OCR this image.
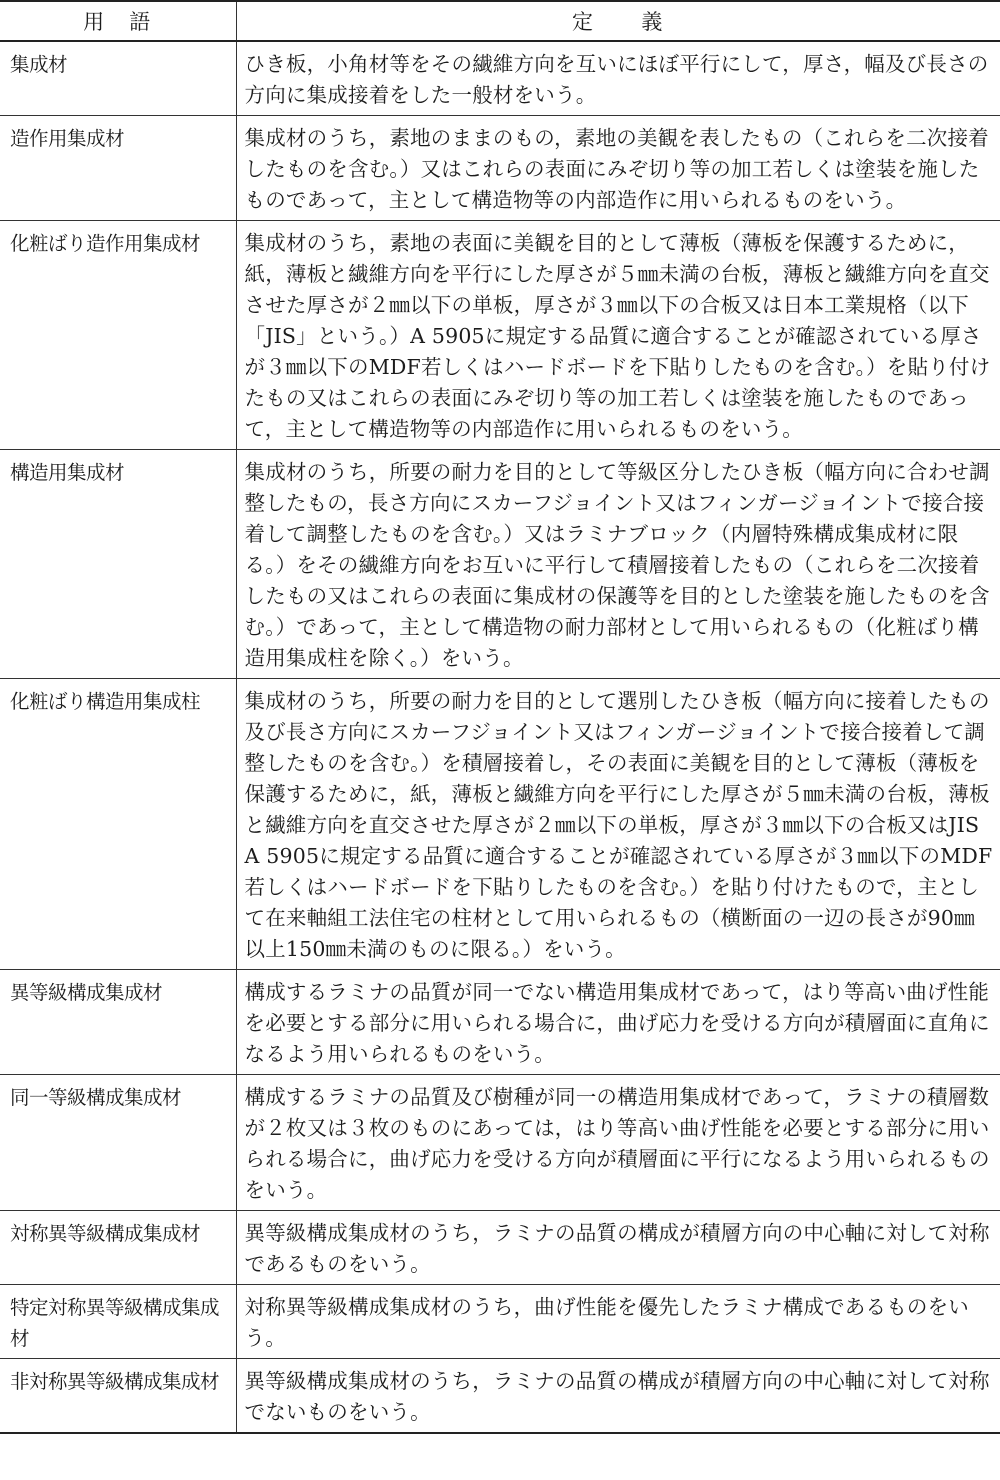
用　語	定　　義
集成材	ひき板，小角材等をその繊維方向を互いにほぼ平行にして，厚さ，幅及び長さの方向に集成接着をした一般材をいう。
造作用集成材	集成材のうち，素地のままのもの，素地の美観を表したもの（これらを二次接着したものを含む。）又はこれらの表面にみぞ切り等の加工若しくは塗装を施したものであって，主として構造物等の内部造作に用いられるものをいう。
化粧ばり造作用集成材	集成材のうち，素地の表面に美観を目的として薄板（薄板を保護するために，紙，薄板と繊維方向を平行にした厚さが５㎜未満の台板，薄板と繊維方向を直交させた厚さが２㎜以下の単板，厚さが３㎜以下の合板又は日本工業規格（以下「JIS」という。）A 5905に規定する品質に適合することが確認されている厚さが３㎜以下のMDF若しくはハードボードを下貼りしたものを含む。）を貼り付けたもの又はこれらの表面にみぞ切り等の加工若しくは塗装を施したものであって，主として構造物等の内部造作に用いられるものをいう。
構造用集成材	集成材のうち，所要の耐力を目的として等級区分したひき板（幅方向に合わせ調整したもの，長さ方向にスカーフジョイント又はフィンガージョイントで接合接着して調整したものを含む。）又はラミナブロック（内層特殊構成集成材に限る。）をその繊維方向をお互いに平行して積層接着したもの（これらを二次接着したもの又はこれらの表面に集成材の保護等を目的とした塗装を施したものを含む。）であって，主として構造物の耐力部材として用いられるもの（化粧ばり構造用集成柱を除く。）をいう。
化粧ばり構造用集成柱	集成材のうち，所要の耐力を目的として選別したひき板（幅方向に接着したもの及び長さ方向にスカーフジョイント又はフィンガージョイントで接合接着して調整したものを含む。）を積層接着し，その表面に美観を目的として薄板（薄板を保護するために，紙，薄板と繊維方向を平行にした厚さが５㎜未満の台板，薄板と繊維方向を直交させた厚さが２㎜以下の単板，厚さが３㎜以下の合板又はJIS A 5905に規定する品質に適合することが確認されている厚さが３㎜以下のMDF若しくはハードボードを下貼りしたものを含む。）を貼り付けたもので，主として在来軸組工法住宅の柱材として用いられるもの（横断面の一辺の長さが90㎜以上150㎜未満のものに限る。）をいう。
異等級構成集成材	構成するラミナの品質が同一でない構造用集成材であって，はり等高い曲げ性能を必要とする部分に用いられる場合に，曲げ応力を受ける方向が積層面に直角になるよう用いられるものをいう。
同一等級構成集成材	構成するラミナの品質及び樹種が同一の構造用集成材であって，ラミナの積層数が２枚又は３枚のものにあっては，はり等高い曲げ性能を必要とする部分に用いられる場合に，曲げ応力を受ける方向が積層面に平行になるよう用いられるものをいう。
対称異等級構成集成材	異等級構成集成材のうち，ラミナの品質の構成が積層方向の中心軸に対して対称であるものをいう。
特定対称異等級構成集成材	対称異等級構成集成材のうち，曲げ性能を優先したラミナ構成であるものをいう。
非対称異等級構成集成材	異等級構成集成材のうち，ラミナの品質の構成が積層方向の中心軸に対して対称でないものをいう。
